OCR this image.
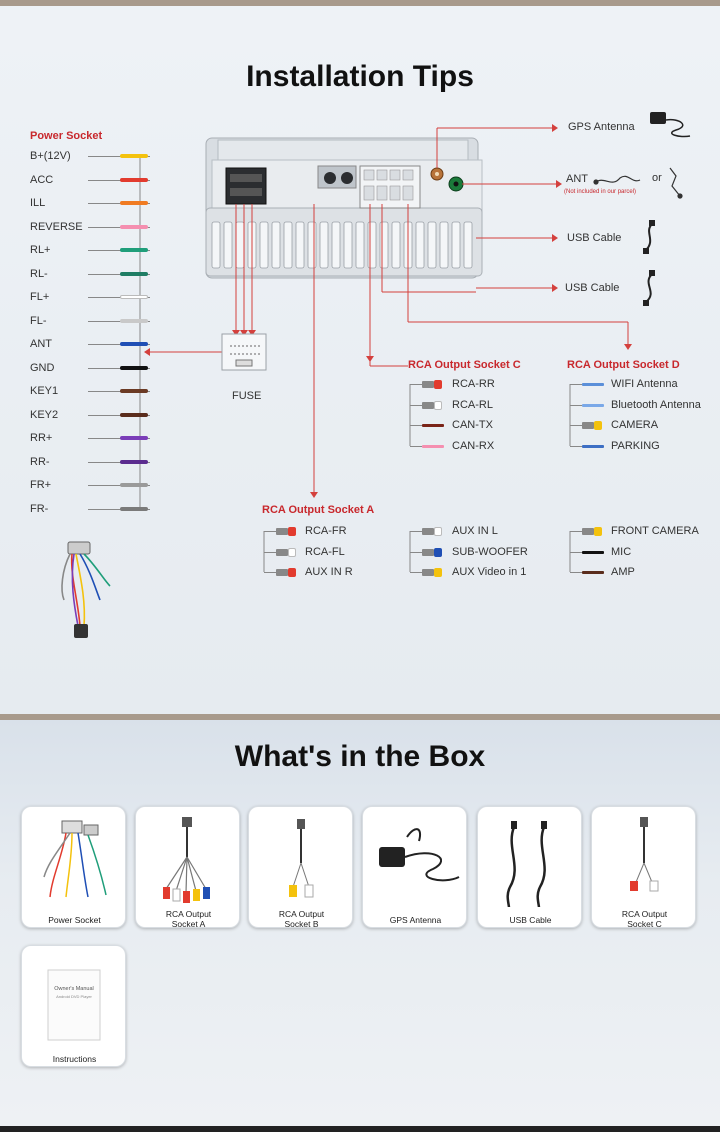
Installation Tips
What's in the Box
Power Socket
B+(12V)
ACC
ILL
REVERSE
RL+
RL-
FL+
FL-
ANT
GND
KEY1
KEY2
RR+
RR-
FR+
FR-
FUSE
GPS Antenna
ANT
(Not included in our parcel)
or
USB Cable
USB Cable
RCA Output Socket C
RCA-RR
RCA-RL
CAN-TX
CAN-RX
RCA Output Socket D
WIFI Antenna
Bluetooth Antenna
CAMERA
PARKING
RCA Output Socket A
RCA-FR
RCA-FL
AUX IN R
AUX IN L
SUB-WOOFER
AUX Video in 1
FRONT CAMERA
MIC
AMP
Power Socket
RCA Output Socket A
RCA Output Socket B	GPS Antenna	USB Cable
RCA Output Socket C
Owner's Manual
Android DVD Player
Instructions
